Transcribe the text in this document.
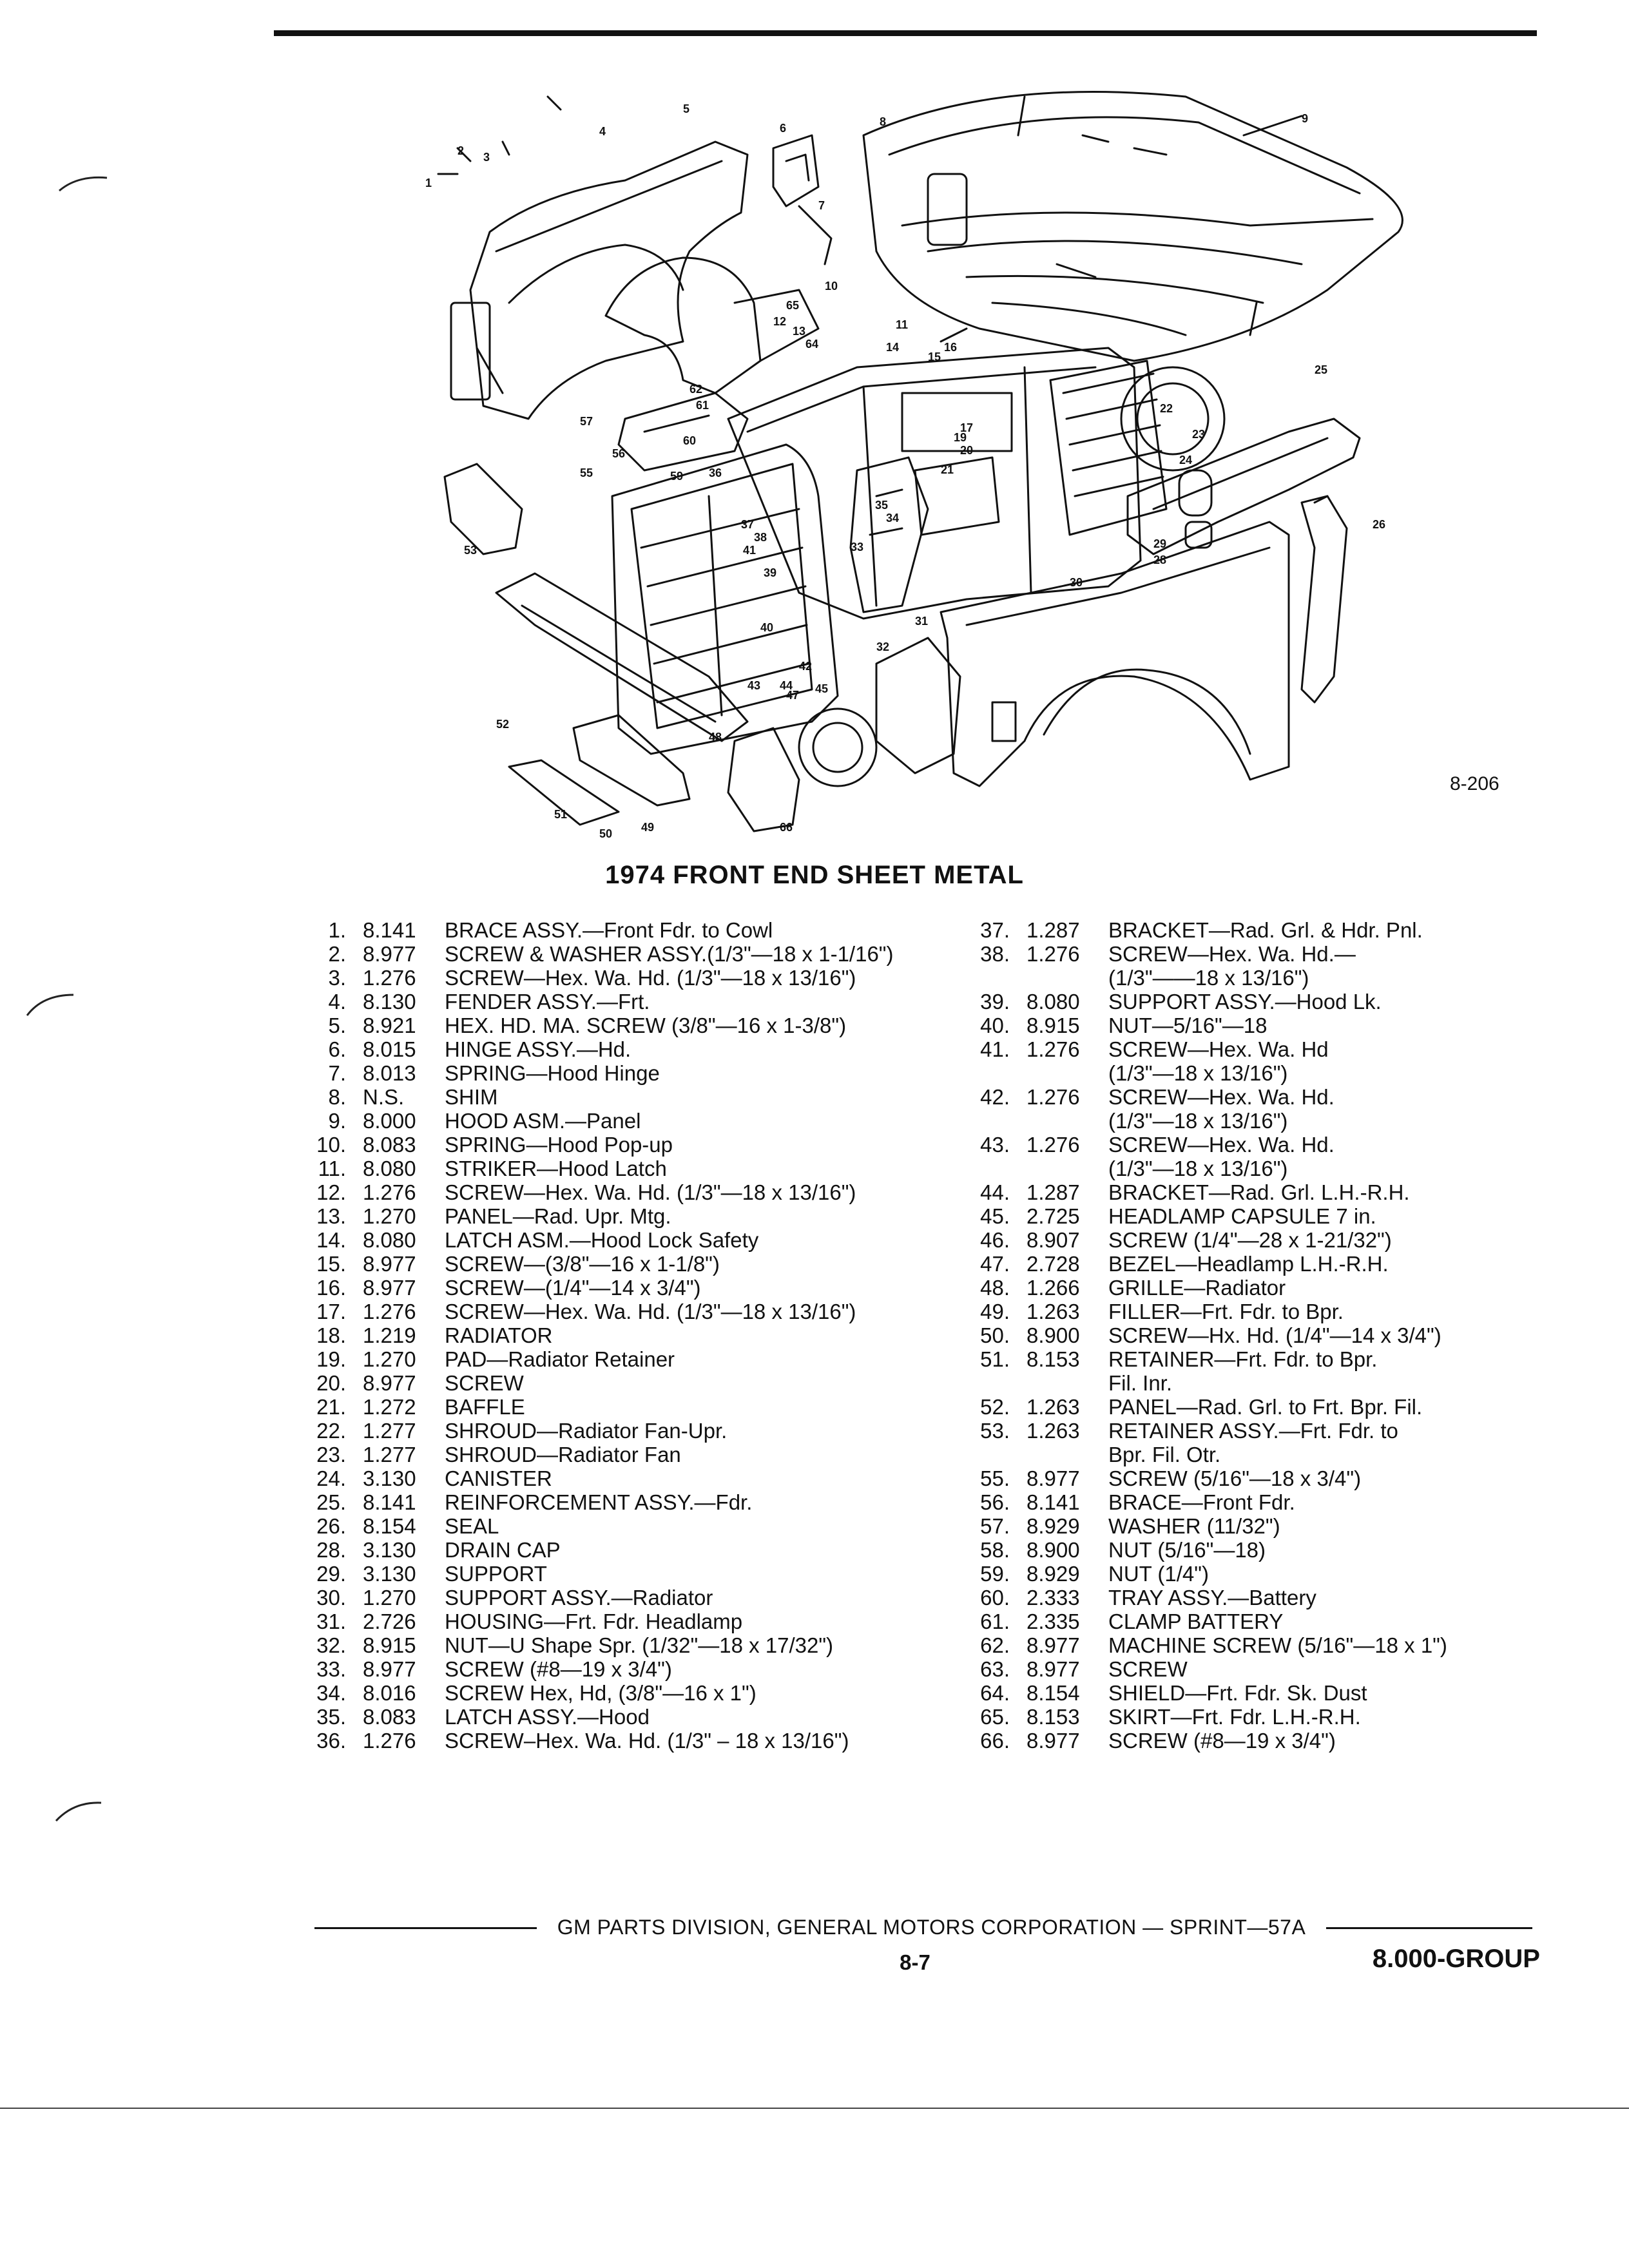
1
2 3
4
5
6
7
8	9
10
11
12
13
14
15
16
17
19
20
21
22
23
24
25
26
28
29
30
31
32
33
34
35
36
37
38
39
40
41
42
43 44 45
47
48
49
50
51
52
53
55
56
57
59
60
61
62
64
65
66
8-206
1974 FRONT END SHEET METAL
1. 8.141	BRACE ASSY.—Front Fdr. to Cowl
2. 8.977	SCREW & WASHER ASSY.(1/3"—18 x 1-1/16")
3. 1.276	SCREW—Hex. Wa. Hd. (1/3"—18 x 13/16")
4. 8.130	FENDER ASSY.—Frt.
5. 8.921	HEX. HD. MA. SCREW (3/8"—16 x 1-3/8")
6. 8.015	HINGE ASSY.—Hd.
7. 8.013	SPRING—Hood Hinge
8. N.S.	SHIM
9. 8.000	HOOD ASM.—Panel
10. 8.083	SPRING—Hood Pop-up
11. 8.080	STRIKER—Hood Latch
12. 1.276	SCREW—Hex. Wa. Hd. (1/3"—18 x 13/16")
13. 1.270	PANEL—Rad. Upr. Mtg.
14. 8.080	LATCH ASM.—Hood Lock Safety
15. 8.977	SCREW—(3/8"—16 x 1-1/8")
16. 8.977	SCREW—(1/4"—14 x 3/4")
17. 1.276	SCREW—Hex. Wa. Hd. (1/3"—18 x 13/16")
18. 1.219	RADIATOR
19. 1.270	PAD—Radiator Retainer
20. 8.977	SCREW
21. 1.272	BAFFLE
22. 1.277	SHROUD—Radiator Fan-Upr.
23. 1.277	SHROUD—Radiator Fan
24. 3.130	CANISTER
25. 8.141	REINFORCEMENT ASSY.—Fdr.
26. 8.154	SEAL
28. 3.130	DRAIN CAP
29. 3.130	SUPPORT
30. 1.270	SUPPORT ASSY.—Radiator
31. 2.726	HOUSING—Frt. Fdr. Headlamp
32. 8.915	NUT—U Shape Spr. (1/32"—18 x 17/32")
33. 8.977	SCREW (#8—19 x 3/4")
34. 8.016	SCREW Hex, Hd, (3/8"—16 x 1")
35. 8.083	LATCH ASSY.—Hood
36. 1.276	SCREW–Hex. Wa. Hd. (1/3" – 18 x 13/16")
37. 1.287	BRACKET—Rad. Grl. & Hdr. Pnl.
38. 1.276	SCREW—Hex. Wa. Hd.—
(1/3"——18 x 13/16")
39. 8.080	SUPPORT ASSY.—Hood Lk.
40. 8.915	NUT—5/16"—18
41. 1.276	SCREW—Hex. Wa. Hd
(1/3"—18 x 13/16")
42. 1.276	SCREW—Hex. Wa. Hd.
(1/3"—18 x 13/16")
43. 1.276	SCREW—Hex. Wa. Hd.
(1/3"—18 x 13/16")
44. 1.287	BRACKET—Rad. Grl. L.H.-R.H.
45. 2.725	HEADLAMP CAPSULE 7 in.
46. 8.907	SCREW (1/4"—28 x 1-21/32")
47. 2.728	BEZEL—Headlamp L.H.-R.H.
48. 1.266	GRILLE—Radiator
49. 1.263	FILLER—Frt. Fdr. to Bpr.
50. 8.900	SCREW—Hx. Hd. (1/4"—14 x 3/4")
51. 8.153	RETAINER—Frt. Fdr. to Bpr.
Fil. Inr.
52. 1.263	PANEL—Rad. Grl. to Frt. Bpr. Fil.
53. 1.263	RETAINER ASSY.—Frt. Fdr. to
Bpr. Fil. Otr.
55. 8.977	SCREW (5/16"—18 x 3/4")
56. 8.141	BRACE—Front Fdr.
57. 8.929	WASHER (11/32")
58. 8.900	NUT (5/16"—18)
59. 8.929	NUT (1/4")
60. 2.333	TRAY ASSY.—Battery
61. 2.335	CLAMP BATTERY
62. 8.977	MACHINE SCREW (5/16"—18 x 1")
63. 8.977	SCREW
64. 8.154	SHIELD—Frt. Fdr. Sk. Dust
65. 8.153	SKIRT—Frt. Fdr. L.H.-R.H.
66. 8.977	SCREW (#8—19 x 3/4")
GM PARTS DIVISION, GENERAL MOTORS CORPORATION — SPRINT—57A
8-7	8.000-GROUP
